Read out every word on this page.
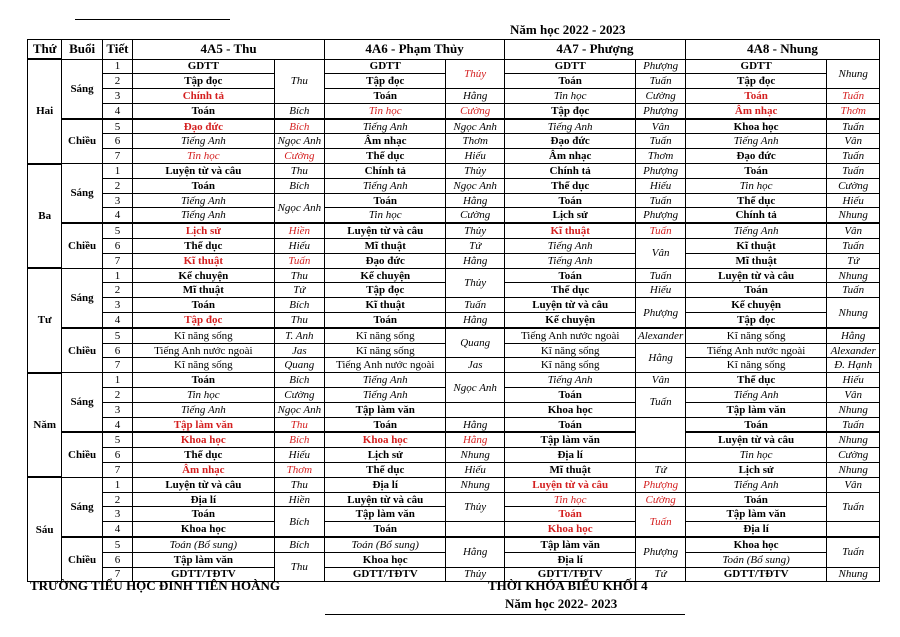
Năm học 2022 - 2023
Thứ	Buổi	Tiết	4A5 - Thu		4A6 - Phạm Thủy		4A7 - Phượng		4A8 - Nhung	
Hai	Sáng	1	GDTT	Thu	GDTT	Thủy	GDTT	Phượng	GDTT	Nhung
		2	Tập đọc		Tập đọc		Toán	Tuấn	Tập đọc	
		3	Chính tả		Toán	Hằng	Tin học	Cường	Toán	Tuấn
		4	Toán	Bích	Tin học	Cường	Tập đọc	Phượng	Âm nhạc	Thơm
	Chiều	5	Đạo đức	Bích	Tiếng Anh	Ngọc Anh	Tiếng Anh	Vân	Khoa học	Tuấn
		6	Tiếng Anh	Ngọc Anh	Âm nhạc	Thơm	Đạo đức	Tuấn	Tiếng Anh	Vân
		7	Tin học	Cường	Thể dục	Hiếu	Âm nhạc	Thơm	Đạo đức	Tuấn
Ba	Sáng	1	Luyện từ và câu	Thu	Chính tả	Thủy	Chính tả	Phượng	Toán	Tuấn
		2	Toán	Bích	Tiếng Anh	Ngọc Anh	Thể dục	Hiếu	Tin học	Cường
		3	Tiếng Anh	Ngọc Anh	Toán	Hằng	Toán	Tuấn	Thể dục	Hiếu
		4	Tiếng Anh		Tin học	Cường	Lịch sử	Phượng	Chính tả	Nhung
	Chiều	5	Lịch sử	Hiền	Luyện từ và câu	Thủy	Kĩ thuật	Tuấn	Tiếng Anh	Vân
		6	Thể dục	Hiếu	Mĩ thuật	Tứ	Tiếng Anh	Vân	Kĩ thuật	Tuấn
		7	Kĩ thuật	Tuấn	Đạo đức	Hằng	Tiếng Anh		Mĩ thuật	Tứ
Tư	Sáng	1	Kể chuyện	Thu	Kể chuyện	Thủy	Toán	Tuấn	Luyện từ và câu	Nhung
		2	Mĩ thuật	Tứ	Tập đọc		Thể dục	Hiếu	Toán	Tuấn
		3	Toán	Bích	Kĩ thuật	Tuấn	Luyện từ và câu	Phượng	Kể chuyện	Nhung
		4	Tập đọc	Thu	Toán	Hằng	Kể chuyện		Tập đọc	
	Chiều	5	Kĩ năng sống	T. Anh	Kĩ năng sống	Quang	Tiếng Anh nước ngoài	Alexander	Kĩ năng sống	Hằng
		6	Tiếng Anh nước ngoài	Jas	Kĩ năng sống		Kĩ năng sống	Hằng	Tiếng Anh nước ngoài	Alexander
		7	Kĩ năng sống	Quang	Tiếng Anh nước ngoài	Jas	Kĩ năng sống		Kĩ năng sống	Đ. Hạnh
Năm	Sáng	1	Toán	Bích	Tiếng Anh	Ngọc Anh	Tiếng Anh	Vân	Thể dục	Hiếu
		2	Tin học	Cường	Tiếng Anh		Toán	Tuấn	Tiếng Anh	Vân
		3	Tiếng Anh	Ngọc Anh	Tập làm văn		Khoa học		Tập làm văn	Nhung
		4	Tập làm văn	Thu	Toán	Hằng	Toán		Toán	Tuấn
	Chiều	5	Khoa học	Bích	Khoa học	Hằng	Tập làm văn		Luyện từ và câu	Nhung
		6	Thể dục	Hiếu	Lịch sử	Nhung	Địa lí		Tin học	Cường
		7	Âm nhạc	Thơm	Thể dục	Hiếu	Mĩ thuật	Tứ	Lịch sử	Nhung
Sáu	Sáng	1	Luyện từ và câu	Thu	Địa lí	Nhung	Luyện từ và câu	Phượng	Tiếng Anh	Vân
		2	Địa lí	Hiền	Luyện từ và câu	Thủy	Tin học	Cường	Toán	Tuấn
		3	Toán	Bích	Tập làm văn		Toán	Tuấn	Tập làm văn	
		4	Khoa học		Toán		Khoa học		Địa lí	
	Chiều	5	Toán (Bổ sung)	Bích	Toán (Bổ sung)	Hằng	Tập làm văn	Phượng	Khoa học	Tuấn
		6	Tập làm văn	Thu	Khoa học		Địa lí		Toán (Bổ sung)	
		7	GDTT/TĐTV		GDTT/TĐTV	Thủy	GDTT/TĐTV	Tứ	GDTT/TĐTV	Nhung
TRƯỜNG TIỂU HỌC ĐINH TIÊN HOÀNG	THỜI KHÓA BIỂU KHỐI 4
Năm học 2022- 2023
